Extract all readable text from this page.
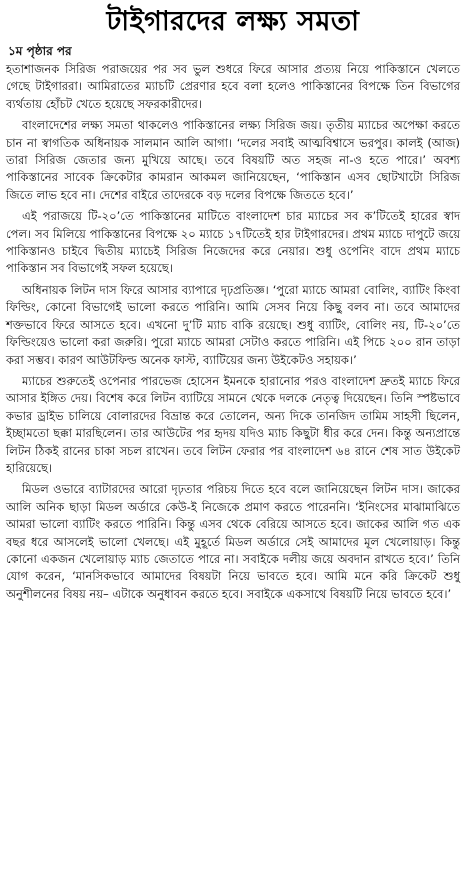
টাইগারদের লক্ষ্য সমতা
১ম পৃষ্ঠার পর

হতাশাজনক সিরিজ পরাজয়ের পর সব ভুল শুধরে ফিরে আসার প্রত্যয় নিয়ে পাকিস্তানে খেলতে গেছে টাইগাররা। আমিরাতের ম্যাচটি প্রেরণার হবে বলা হলেও পাকিস্তানের বিপক্ষে তিন বিভাগের ব্যর্থতায় হোঁচট খেতে হয়েছে সফরকারীদের।

বাংলাদেশের লক্ষ্য সমতা থাকলেও পাকিস্তানের লক্ষ্য সিরিজ জয়। তৃতীয় ম্যাচের অপেক্ষা করতে চান না স্বাগতিক অধিনায়ক সালমান আলি আগা। ‘দলের সবাই আত্মবিশ্বাসে ভরপুর। কালই (আজ) তারা সিরিজ জেতার জন্য মুখিয়ে আছে। তবে বিষয়টি অত সহজ না-ও হতে পারে।’ অবশ্য পাকিস্তানের সাবেক ক্রিকেটার কামরান আকমল জানিয়েছেন, ‘পাকিস্তান এসব ছোটখাটো সিরিজ জিতে লাভ হবে না। দেশের বাইরে তাদেরকে বড় দলের বিপক্ষে জিততে হবে।’

এই পরাজয়ে টি-২০’তে পাকিস্তানের মাটিতে বাংলাদেশ চার ম্যাচের সব ক’টিতেই হারের স্বাদ পেল। সব মিলিয়ে পাকিস্তানের বিপক্ষে ২০ ম্যাচে ১৭টিতেই হার টাইগারদের। প্রথম ম্যাচে দাপুটে জয়ে পাকিস্তানও চাইবে দ্বিতীয় ম্যাচেই সিরিজ নিজেদের করে নেয়ার। শুধু ওপেনিং বাদে প্রথম ম্যাচে পাকিস্তান সব বিভাগেই সফল হয়েছে।

অধিনায়ক লিটন দাস ফিরে আসার ব্যাপারে দৃঢ়প্রতিজ্ঞ। ‘পুরো ম্যাচে আমরা বোলিং, ব্যাটিং কিংবা ফিল্ডিং, কোনো বিভাগেই ভালো করতে পারিনি। আমি সেসব নিয়ে কিছু বলব না। তবে আমাদের শক্তভাবে ফিরে আসতে হবে। এখনো দু’টি ম্যাচ বাকি রয়েছে। শুধু ব্যাটিং, বোলিং নয়, টি-২০’তে ফিল্ডিংয়েও ভালো করা জরুরি। পুরো ম্যাচে আমরা সেটাও করতে পারিনি। এই পিচে ২০০ রান তাড়া করা সম্ভব। কারণ আউটফিল্ড অনেক ফাস্ট, ব্যাটিয়ের জন্য উইকেটও সহায়ক।’

ম্যাচের শুরুতেই ওপেনার পারভেজ হোসেন ইমনকে হারানোর পরও বাংলাদেশ দ্রুতই ম্যাচে ফিরে আসার ইঙ্গিত দেয়। বিশেষ করে লিটন ব্যাটিয়ে সামনে থেকে দলকে নেতৃত্ব দিয়েছেন। তিনি স্পষ্টভাবে কভার ড্রাইভ চালিয়ে বোলারদের বিভ্রান্ত করে তোলেন, অন্য দিকে তানজিদ তামিম সাহসী ছিলেন, ইচ্ছামতো ছক্কা মারছিলেন। তার আউটের পর হৃদয় যদিও ম্যাচ কিছুটা ধীর করে দেন। কিন্তু অন্যপ্রান্তে লিটন ঠিকই রানের চাকা সচল রাখেন। তবে লিটন ফেরার পর বাংলাদেশ ৬৪ রানে শেষ সাত উইকেট হারিয়েছে।

মিডল ওভারে ব্যাটারদের আরো দৃঢ়তার পরিচয় দিতে হবে বলে জানিয়েছেন লিটন দাস। জাকের আলি অনিক ছাড়া মিডল অর্ডারে কেউ-ই নিজেকে প্রমাণ করতে পারেননি। ‘ইনিংসের মাঝামাঝিতে আমরা ভালো ব্যাটিং করতে পারিনি। কিন্তু এসব থেকে বেরিয়ে আসতে হবে। জাকের আলি গত এক বছর ধরে আসলেই ভালো খেলছে। এই মুহূর্তে মিডল অর্ডারে সেই আমাদের মূল খেলোয়াড়। কিন্তু কোনো একজন খেলোয়াড় ম্যাচ জেতাতে পারে না। সবাইকে দলীয় জয়ে অবদান রাখতে হবে।’ তিনি যোগ করেন, ‘মানসিকভাবে আমাদের বিষয়টা নিয়ে ভাবতে হবে। আমি মনে করি ক্রিকেট শুধু অনুশীলনের বিষয় নয়– এটাকে অনুধাবন করতে হবে। সবাইকে একসাথে বিষয়টি নিয়ে ভাবতে হবে।’
